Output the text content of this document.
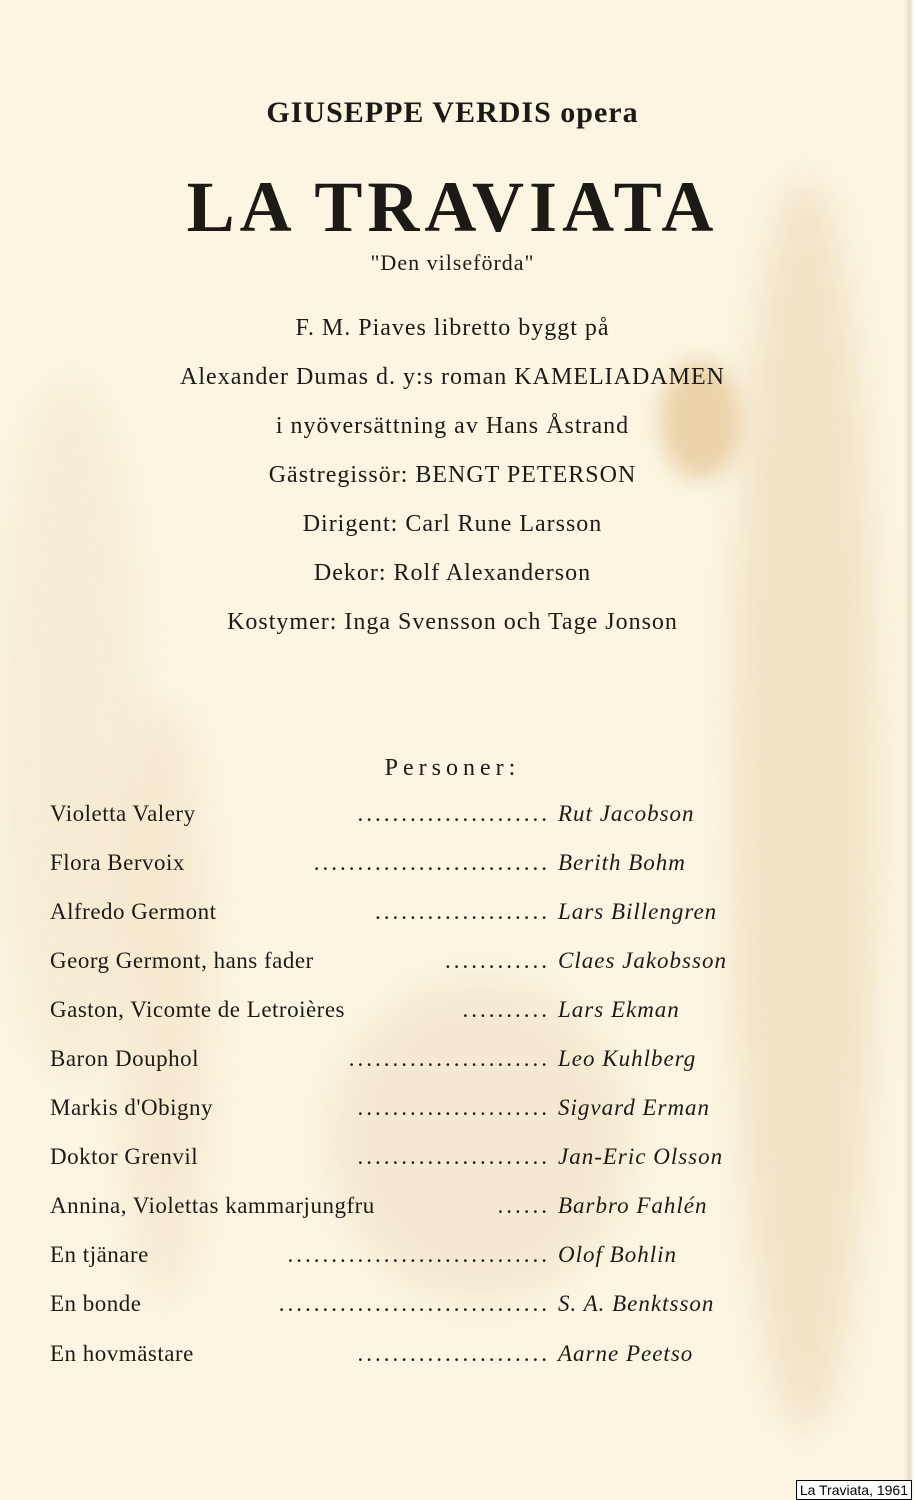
GIUSEPPE VERDIS opera
LA TRAVIATA
"Den vilseförda"
F. M. Piaves libretto byggt på
Alexander Dumas d. y:s roman KAMELIADAMEN
i nyöversättning av Hans Åstrand
Gästregissör: BENGT PETERSON
Dirigent: Carl Rune Larsson
Dekor: Rolf Alexanderson
Kostymer: Inga Svensson och Tage Jonson
Personer:
Violetta Valery	...................... Rut Jacobson
Flora Bervoix	........................... Berith Bohm
Alfredo Germont	.................... Lars Billengren
Georg Germont, hans fader	............ Claes Jakobsson
Gaston, Vicomte de Letroières	.......... Lars Ekman
Baron Douphol	....................... Leo Kuhlberg
Markis d'Obigny	...................... Sigvard Erman
Doktor Grenvil	...................... Jan-Eric Olsson
Annina, Violettas kammarjungfru	...... Barbro Fahlén
En tjänare	.............................. Olof Bohlin
En bonde	............................... S. A. Benktsson
En hovmästare	...................... Aarne Peetso
La Traviata, 1961
